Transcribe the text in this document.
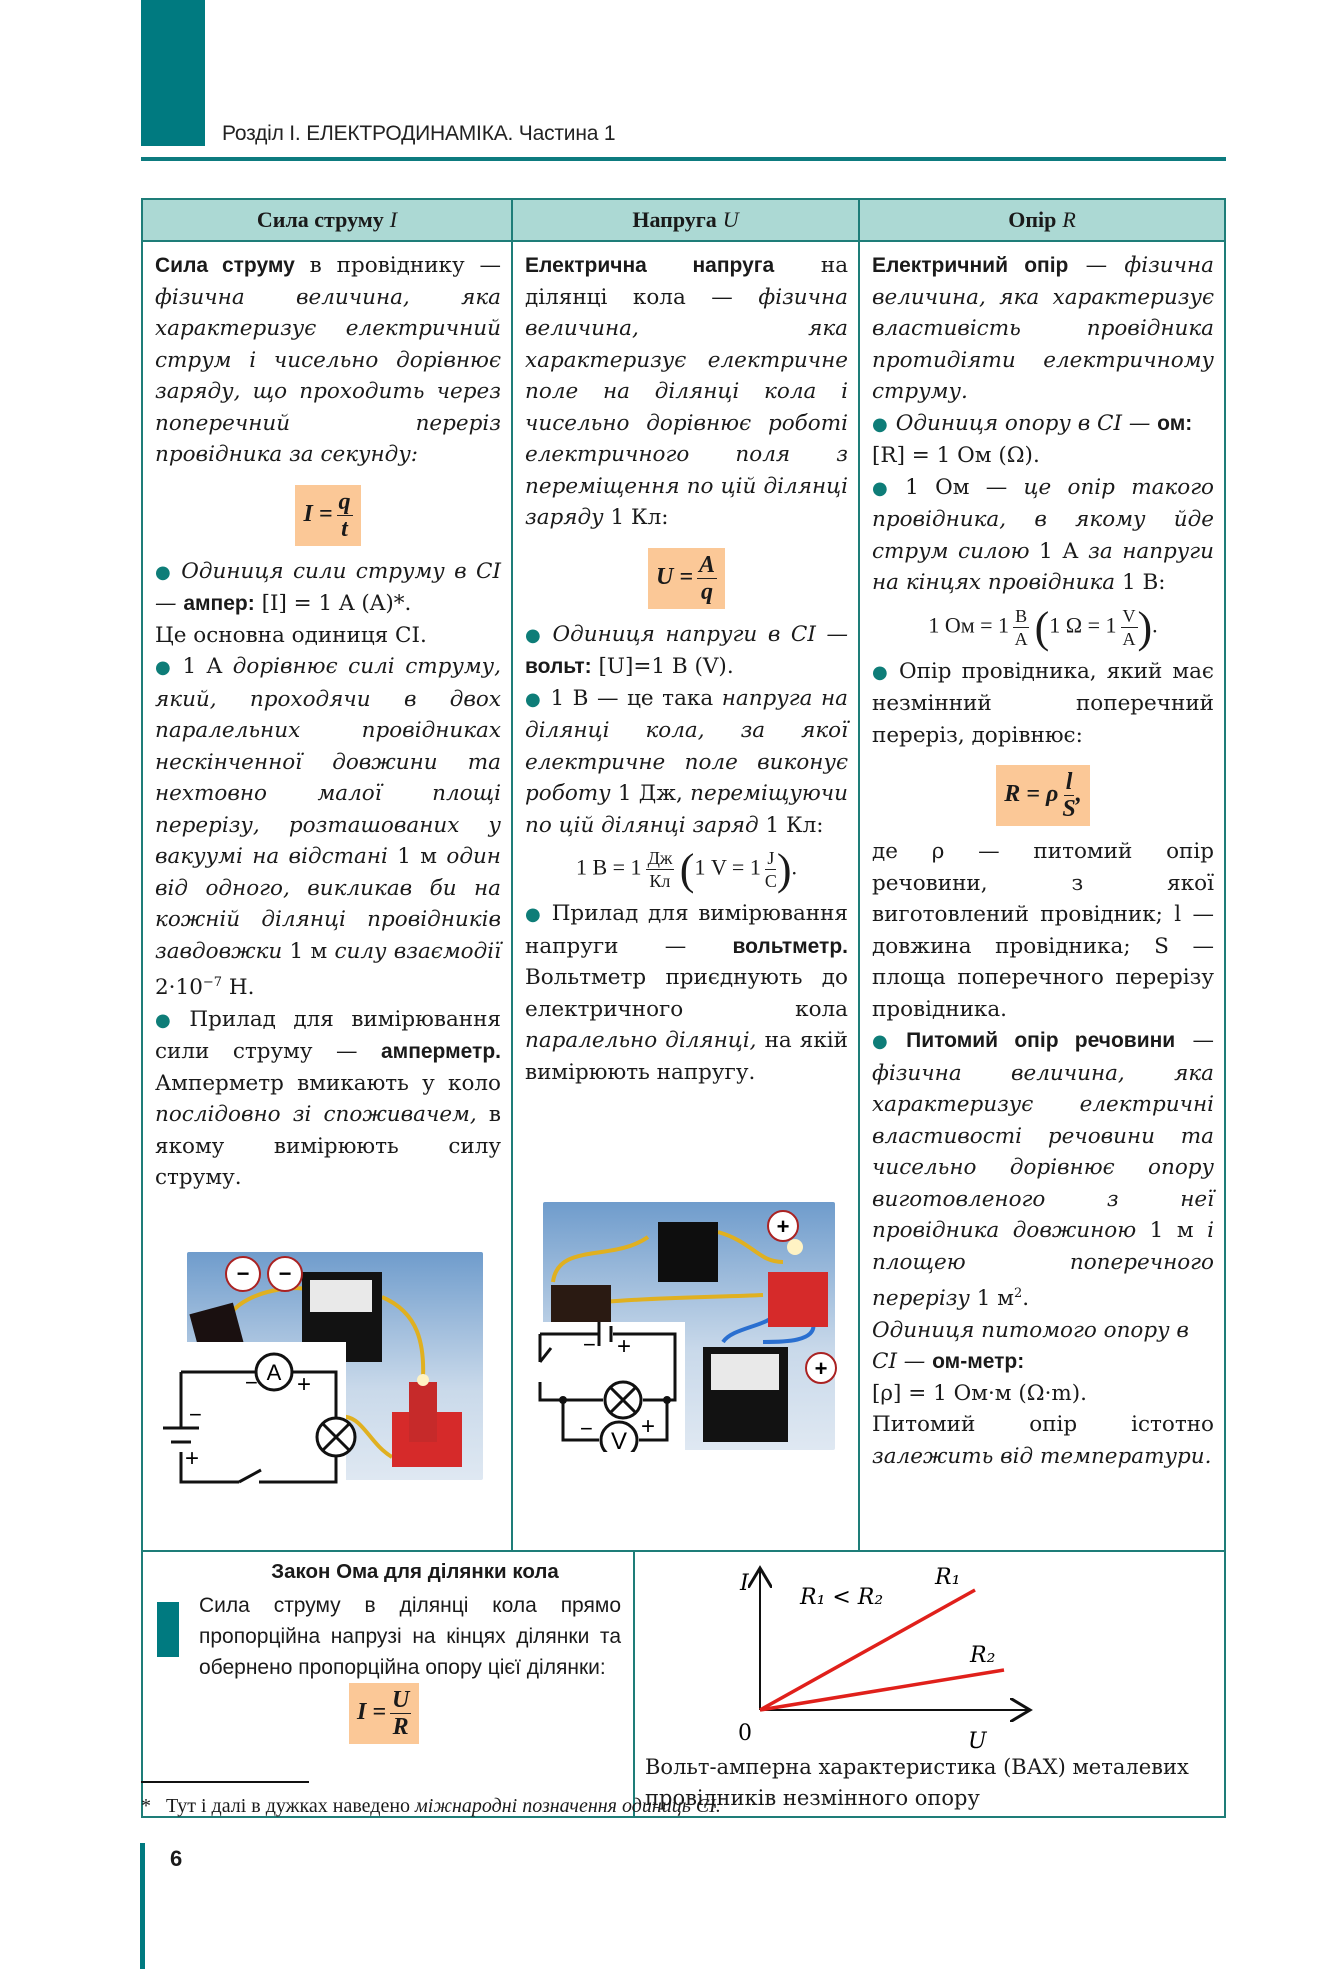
Розділ І. ЕЛЕКТРОДИНАМІКА. Частина 1
Сила струму I	Напруга U	Опір R

Сила струму в провіднику — фізична величина, яка характеризує електричний струм і чисельно дорівнює заряду, що проходить через поперечний переріз провідника за секунду:

$I = \frac{q}{t}$

● Одиниця сили струму в СІ — ампер: [I] = 1 A (A)*.

Це основна одиниця СІ.

● 1 A дорівнює силі струму, який, проходячи в двох паралельних провідниках нескінченної довжини та нехтовно малої площі перерізу, розташованих у вакуумі на відстані 1 м один від одного, викликав би на кожній ділянці провідників завдовжки 1 м силу взаємодії $2\cdot 10^{-7}$ Н.

● Прилад для вимірювання сили струму — амперметр. Амперметр вмикають у коло послідовно зі споживачем, в якому вимірюють силу струму.

A
− +
−
+
− −

Електрична напруга на ділянці кола — фізична величина, яка характеризує електричне поле на ділянці кола і чисельно дорівнює роботі електричного поля з переміщення по цій ділянці заряду 1 Кл:

$U = \frac{A}{q}$

● Одиниця напруги в СІ — вольт: [U]=1 В (V).

● 1 В — це така напруга на ділянці кола, за якої електричне поле виконує роботу 1 Дж, переміщуючи по цій ділянці заряд 1 Кл:

1 $В = 1 \frac{Дж}{Кл} (1$ $V = 1 \frac{J}{C}$ ).

● Прилад для вимірювання напруги — вольтметр. Вольтметр приєднують до електричного кола паралельно ділянці, на якій вимірюють напругу.

V
− +
− +
+
+

Електричний опір — фізична величина, яка характеризує властивість провідника протидіяти електричному струму.

● Одиниця опору в СІ — ом:
[R] = 1 Ом (Ω).

● 1 Ом — це опір такого провідника, в якому йде струм силою 1 А за напруги на кінцях провідника 1 В:

1 Ом = $1 \frac{В}{А} (1$ $\Omega = 1 \frac{V}{A}$ ).

● Опір провідника, який має незмінний поперечний переріз, дорівнює:

R = ρ $\frac{l}{S}$ ,

де ρ — питомий опір речовини, з якої виготовлений провідник; l — довжина провідника; S — площа поперечного перерізу провідника.

● Питомий опір речовини — фізична величина, яка характеризує електричні властивості речовини та чисельно дорівнює опору виготовленого з неї провідника довжиною 1 м і площею поперечного перерізу 1 $м^2$.

Одиниця питомого опору в СІ — ом-метр:

[ρ] = 1 Ом·м (Ω·m).

Питомий опір істотно залежить від температури.

Закон Ома для ділянки кола
Сила струму в ділянці кола прямо пропорційна напрузі на кінцях ділянки та обернено пропорційна опору цієї ділянки:
$I = \frac{U}{R}$
I
0	U
R₁ < R₂
R₁
R₂
Вольт-амперна характеристика (ВАХ) металевих провідників незмінного опору
* Тут і далі в дужках наведено міжнародні позначення одиниць СІ.
6
